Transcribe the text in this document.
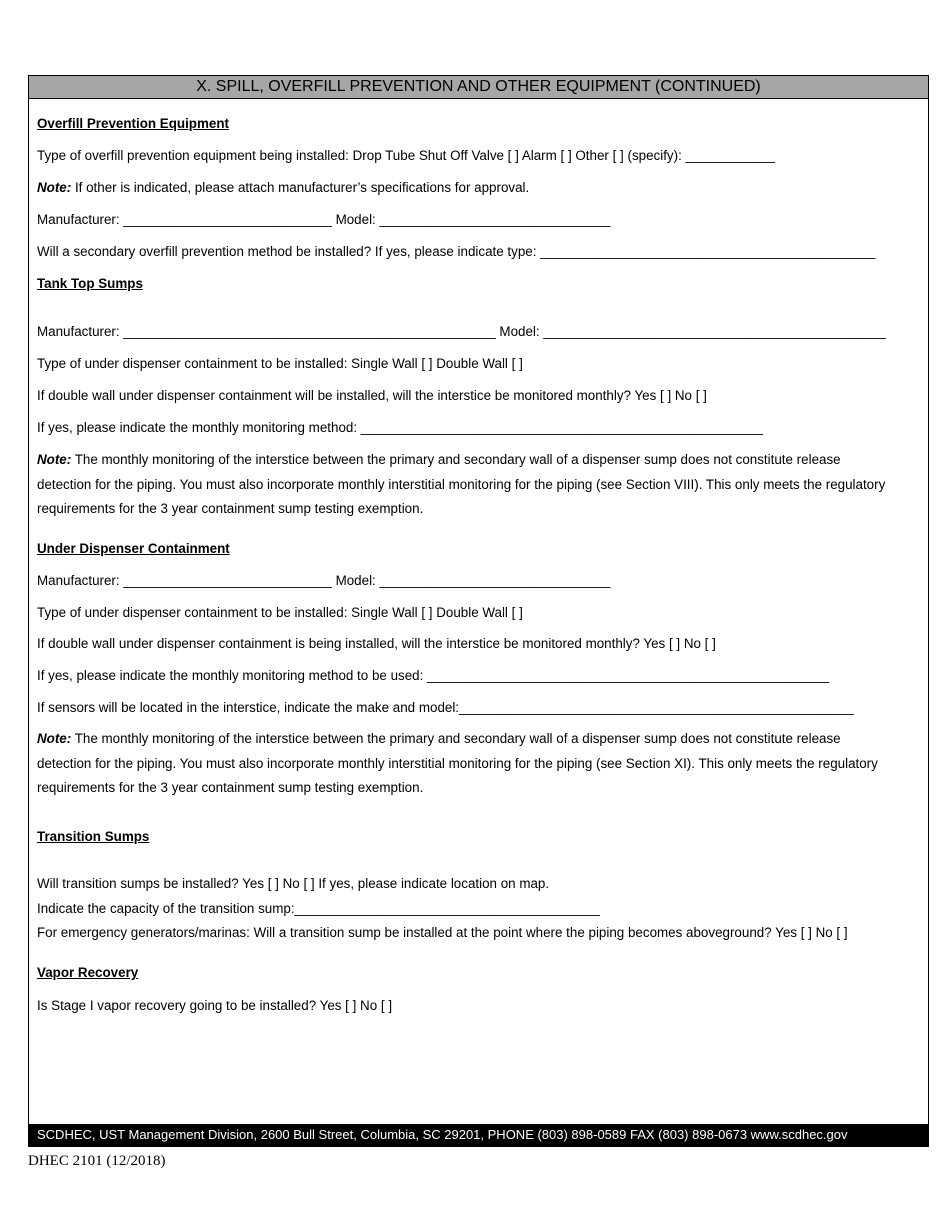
X. SPILL, OVERFILL PREVENTION AND OTHER EQUIPMENT (CONTINUED)
Overfill Prevention Equipment
Type of overfill prevention equipment being installed: Drop Tube Shut Off Valve [ ] Alarm [ ] Other [ ] (specify): ____________
Note: If other is indicated, please attach manufacturer’s specifications for approval.
Manufacturer: ____________________________ Model: _______________________________
Will a secondary overfill prevention method be installed? If yes, please indicate type: _____________________________________________
Tank Top Sumps
Manufacturer: __________________________________________________ Model: ______________________________________________
Type of under dispenser containment to be installed: Single Wall [ ] Double Wall [ ]
If double wall under dispenser containment will be installed, will the interstice be monitored monthly? Yes [ ] No [ ]
If yes, please indicate the monthly monitoring method: ______________________________________________________
Note: The monthly monitoring of the interstice between the primary and secondary wall of a dispenser sump does not constitute release detection for the piping. You must also incorporate monthly interstitial monitoring for the piping (see Section VIII). This only meets the regulatory requirements for the 3 year containment sump testing exemption.
Under Dispenser Containment
Manufacturer: ____________________________ Model: _______________________________
Type of under dispenser containment to be installed: Single Wall [ ] Double Wall [ ]
If double wall under dispenser containment is being installed, will the interstice be monitored monthly? Yes [ ] No [ ]
If yes, please indicate the monthly monitoring method to be used: ______________________________________________________
If sensors will be located in the interstice, indicate the make and model:_____________________________________________________
Note: The monthly monitoring of the interstice between the primary and secondary wall of a dispenser sump does not constitute release detection for the piping. You must also incorporate monthly interstitial monitoring for the piping (see Section XI). This only meets the regulatory requirements for the 3 year containment sump testing exemption.
Transition Sumps
Will transition sumps be installed? Yes [ ] No [ ] If yes, please indicate location on map.
Indicate the capacity of the transition sump:_________________________________________
For emergency generators/marinas: Will a transition sump be installed at the point where the piping becomes aboveground? Yes [ ] No [ ]
Vapor Recovery
Is Stage I vapor recovery going to be installed? Yes [ ] No [ ]
SCDHEC, UST Management Division, 2600 Bull Street, Columbia, SC 29201, PHONE (803) 898-0589 FAX (803) 898-0673 www.scdhec.gov
DHEC 2101 (12/2018)
